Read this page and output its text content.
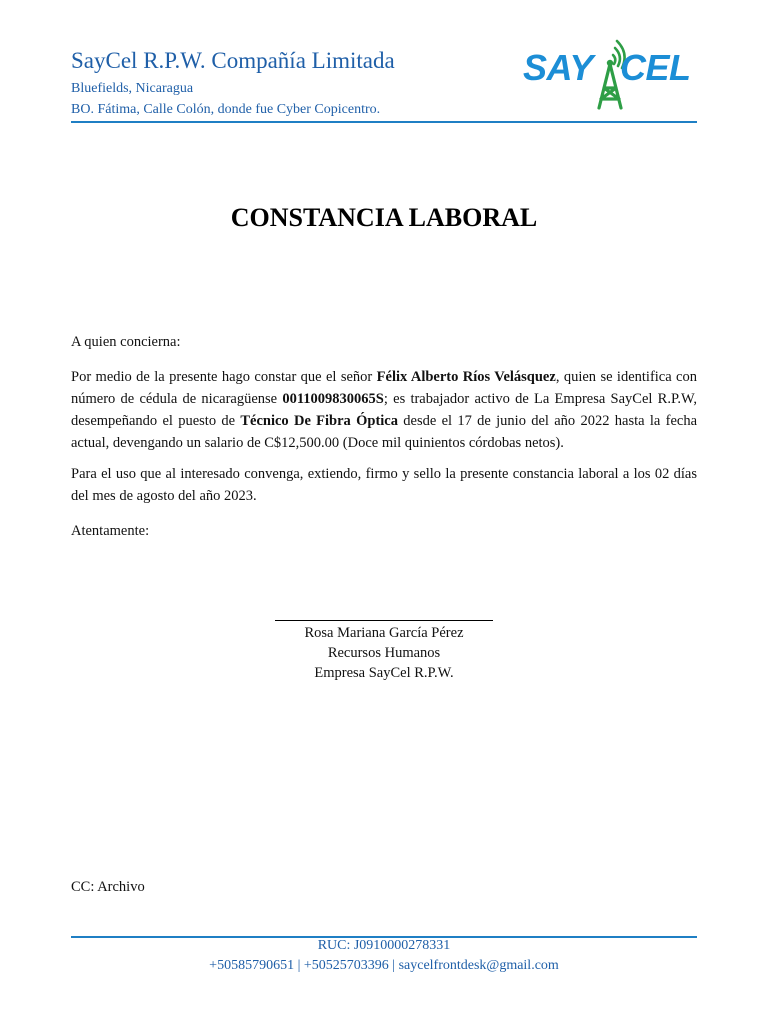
SayCel R.P.W. Compañía Limitada
Bluefields, Nicaragua
BO. Fátima, Calle Colón, donde fue Cyber Copicentro.
SAY CEL
CONSTANCIA LABORAL

A quien concierna:

Por medio de la presente hago constar que el señor Félix Alberto Ríos Velásquez, quien se identifica con número de cédula de nicaragüense 0011009830065S; es trabajador activo de La Empresa SayCel R.P.W, desempeñando el puesto de Técnico De Fibra Óptica desde el 17 de junio del año 2022 hasta la fecha actual, devengando un salario de C$12,500.00 (Doce mil quinientos córdobas netos).

Para el uso que al interesado convenga, extiendo, firmo y sello la presente constancia laboral a los 02 días del mes de agosto del año 2023.

Atentamente:

Rosa Mariana García Pérez
Recursos Humanos
Empresa SayCel R.P.W.
CC: Archivo
RUC: J0910000278331
+50585790651 | +50525703396 | saycelfrontdesk@gmail.com
